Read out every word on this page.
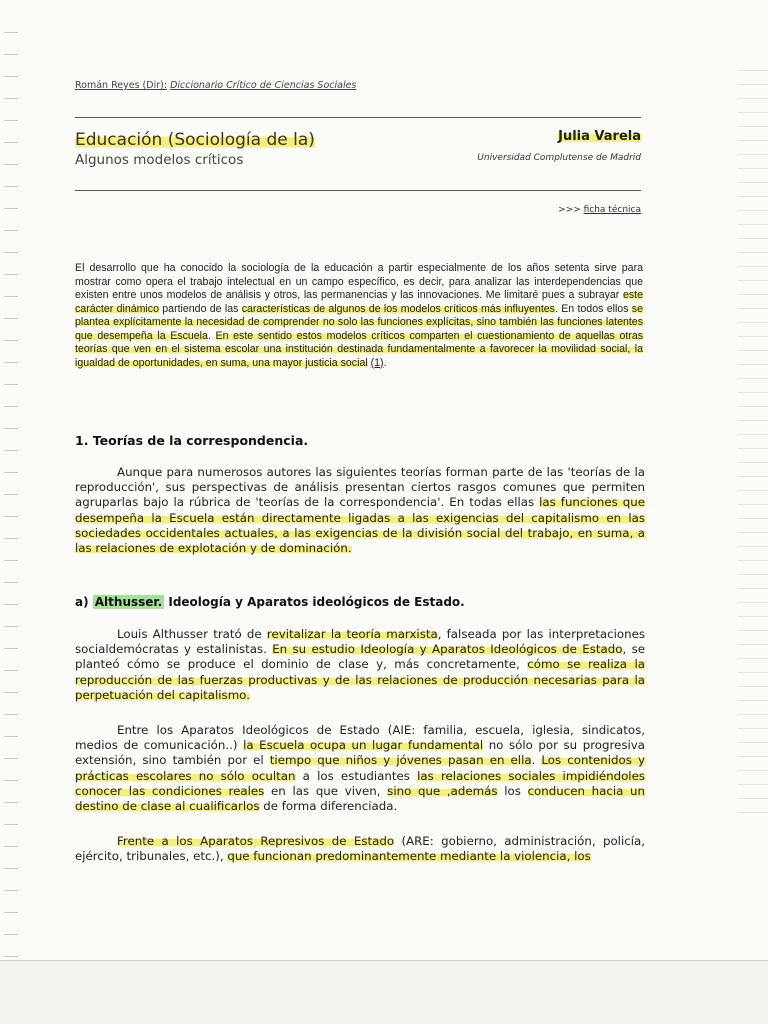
Román Reyes (Dir): Diccionario Crítico de Ciencias Sociales
Educación (Sociología de la)
Algunos modelos críticos
Julia Varela
Universidad Complutense de Madrid
>>> ficha técnica
El desarrollo que ha conocido la sociología de la educación a partir especialmente de los años setenta sirve para mostrar como opera el trabajo intelectual en un campo específico, es decir, para analizar las interdependencias que existen entre unos modelos de análisis y otros, las permanencias y las innovaciones. Me limitaré pues a subrayar este carácter dinámico partiendo de las características de algunos de los modelos críticos más influyentes. En todos ellos se plantea explícitamente la necesidad de comprender no solo las funciones explícitas, sino también las funciones latentes que desempeña la Escuela. En este sentido estos modelos críticos comparten el cuestionamiento de aquellas otras teorías que ven en el sistema escolar una institución destinada fundamentalmente a favorecer la movilidad social, la igualdad de oportunidades, en suma, una mayor justicia social (1).
1. Teorías de la correspondencia.
Aunque para numerosos autores las siguientes teorías forman parte de las 'teorías de la reproducción', sus perspectivas de análisis presentan ciertos rasgos comunes que permiten agruparlas bajo la rúbrica de 'teorías de la correspondencia'. En todas ellas las funciones que desempeña la Escuela están directamente ligadas a las exigencias del capitalismo en las sociedades occidentales actuales, a las exigencias de la división social del trabajo, en suma, a las relaciones de explotación y de dominación.
a) Althusser. Ideología y Aparatos ideológicos de Estado.
Louis Althusser trató de revitalizar la teoría marxista, falseada por las interpretaciones socialdemócratas y estalinistas. En su estudio Ideología y Aparatos Ideológicos de Estado, se planteó cómo se produce el dominio de clase y, más concretamente, cómo se realiza la reproducción de las fuerzas productivas y de las relaciones de producción necesarias para la perpetuación del capitalismo.
Entre los Aparatos Ideológicos de Estado (AIE: familia, escuela, iglesia, sindicatos, medios de comunicación..) la Escuela ocupa un lugar fundamental no sólo por su progresiva extensión, sino también por el tiempo que niños y jóvenes pasan en ella. Los contenidos y prácticas escolares no sólo ocultan a los estudiantes las relaciones sociales impidiéndoles conocer las condiciones reales en las que viven, sino que ,además los conducen hacia un destino de clase al cualificarlos de forma diferenciada.
Frente a los Aparatos Represivos de Estado (ARE: gobierno, administración, policía, ejército, tribunales, etc.), que funcionan predominantemente mediante la violencia, los
